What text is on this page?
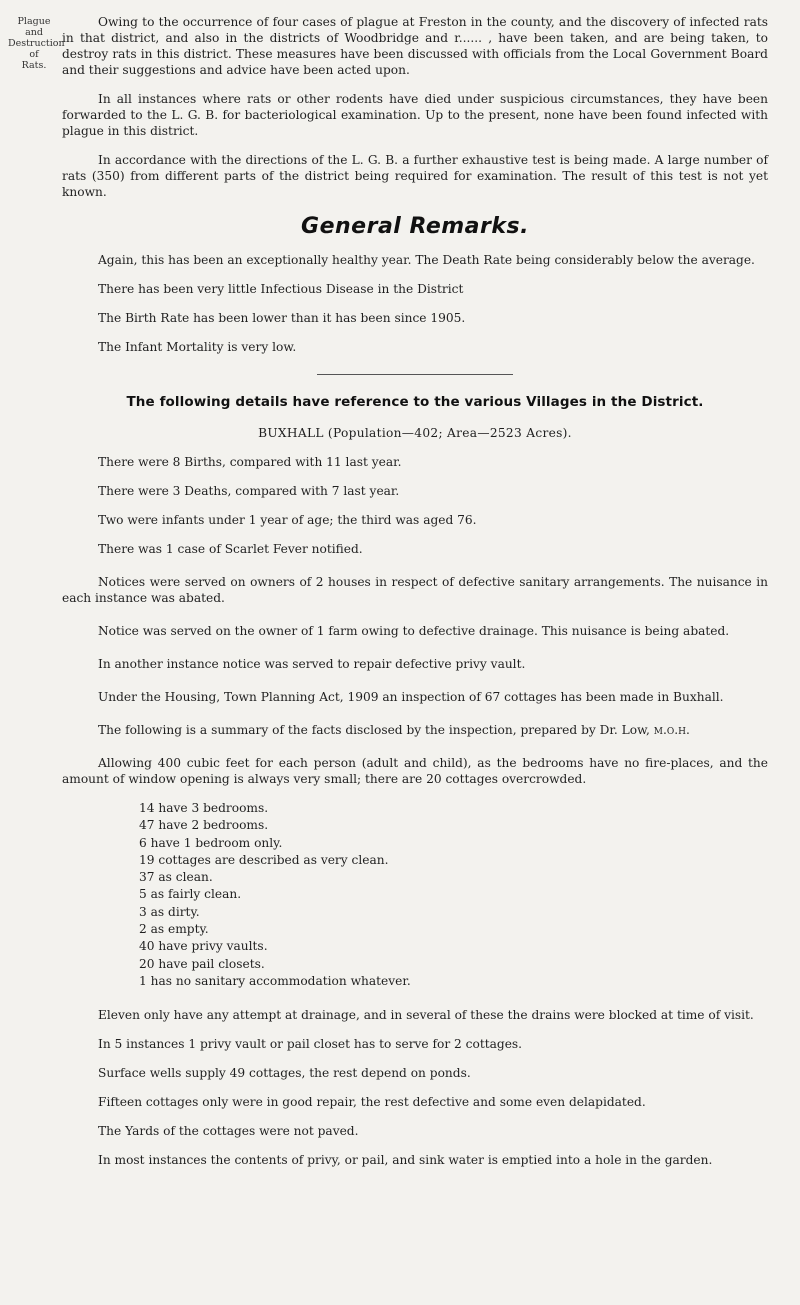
Plague and
Destruction of
Rats.

Owing to the occurrence of four cases of plague at Freston in the county, and the discovery of infected rats in that district, and also in the districts of Woodbridge and r...... , have been taken, and are being taken, to destroy rats in this district. These measures have been discussed with officials from the Local Government Board and their suggestions and advice have been acted upon.

In all instances where rats or other rodents have died under suspicious circumstances, they have been forwarded to the L. G. B. for bacteriological examination. Up to the present, none have been found infected with plague in this district.

In accordance with the directions of the L. G. B. a further exhaustive test is being made. A large number of rats (350) from different parts of the district being required for examination. The result of this test is not yet known.

General Remarks.

Again, this has been an exceptionally healthy year. The Death Rate being considerably below the average.

There has been very little Infectious Disease in the District

The Birth Rate has been lower than it has been since 1905.

The Infant Mortality is very low.

The following details have reference to the various Villages in the District.
BUXHALL (Population—402; Area—2523 Acres).

There were 8 Births, compared with 11 last year.

There were 3 Deaths, compared with 7 last year.

Two were infants under 1 year of age; the third was aged 76.

There was 1 case of Scarlet Fever notified.

Notices were served on owners of 2 houses in respect of defective sanitary arrangements. The nuisance in each instance was abated.

Notice was served on the owner of 1 farm owing to defective drainage. This nuisance is being abated.

In another instance notice was served to repair defective privy vault.

Under the Housing, Town Planning Act, 1909 an inspection of 67 cottages has been made in Buxhall.

The following is a summary of the facts disclosed by the inspection, prepared by Dr. Low, m.o.h.

Allowing 400 cubic feet for each person (adult and child), as the bedrooms have no fire-places, and the amount of window opening is always very small; there are 20 cottages overcrowded.

14 have 3 bedrooms.
47 have 2 bedrooms.
6 have 1 bedroom only.
19 cottages are described as very clean.
37 as clean.
5 as fairly clean.
3 as dirty.
2 as empty.
40 have privy vaults.
20 have pail closets.
1 has no sanitary accommodation whatever.

Eleven only have any attempt at drainage, and in several of these the drains were blocked at time of visit.

In 5 instances 1 privy vault or pail closet has to serve for 2 cottages.

Surface wells supply 49 cottages, the rest depend on ponds.

Fifteen cottages only were in good repair, the rest defective and some even delapidated.

The Yards of the cottages were not paved.

In most instances the contents of privy, or pail, and sink water is emptied into a hole in the garden.
